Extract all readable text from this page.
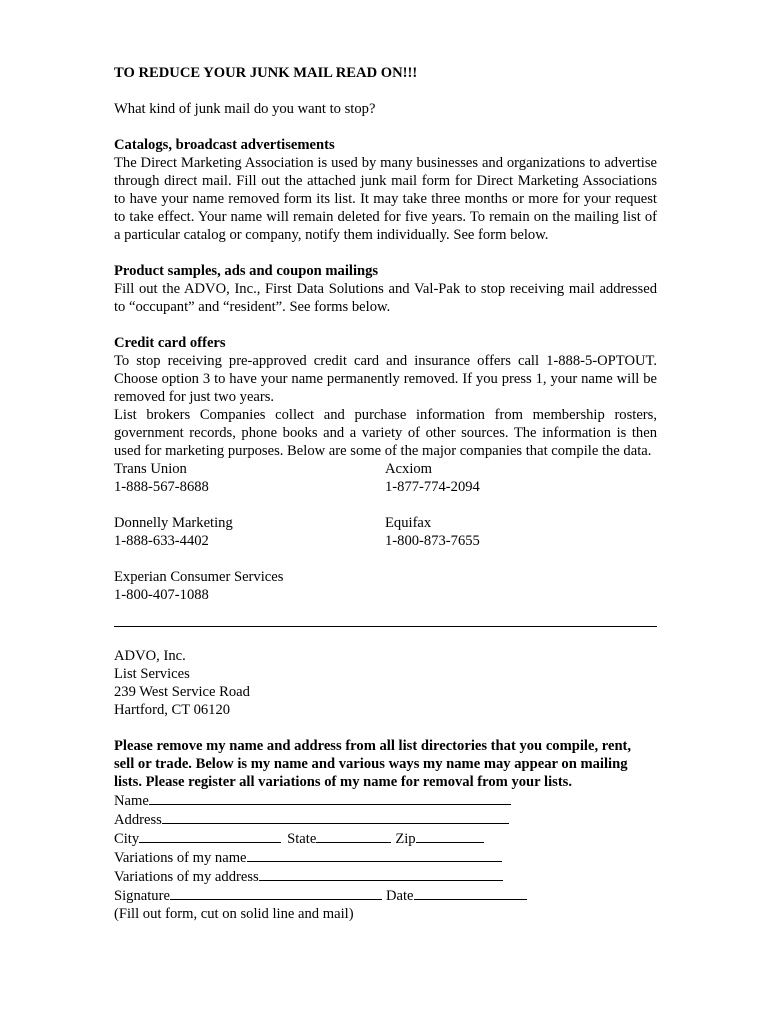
TO REDUCE YOUR JUNK MAIL READ ON!!!

What kind of junk mail do you want to stop?

Catalogs, broadcast advertisements

The Direct Marketing Association is used by many businesses and organizations to advertise through direct mail. Fill out the attached junk mail form for Direct Marketing Associations to have your name removed form its list. It may take three months or more for your request to take effect. Your name will remain deleted for five years. To remain on the mailing list of a particular catalog or company, notify them individually. See form below.

Product samples, ads and coupon mailings

Fill out the ADVO, Inc., First Data Solutions and Val-Pak to stop receiving mail addressed to “occupant” and “resident”. See forms below.

Credit card offers

To stop receiving pre-approved credit card and insurance offers call 1-888-5-OPTOUT. Choose option 3 to have your name permanently removed. If you press 1, your name will be removed for just two years.

List brokers Companies collect and purchase information from membership rosters, government records, phone books and a variety of other sources. The information is then used for marketing purposes. Below are some of the major companies that compile the data.

Trans Union	Acxiom
1-888-567-8688	1-877-774-2094
Donnelly Marketing	Equifax
1-888-633-4402	1-800-873-7655
Experian Consumer Services
1-800-407-1088

ADVO, Inc.

List Services

239 West Service Road

Hartford, CT 06120

Please remove my name and address from all list directories that you compile, rent, sell or trade. Below is my name and various ways my name may appear on mailing lists. Please register all variations of my name for removal from your lists.

Name
Address
City	State	Zip
Variations of my name
Variations of my address
Signature	Date

(Fill out form, cut on solid line and mail)
